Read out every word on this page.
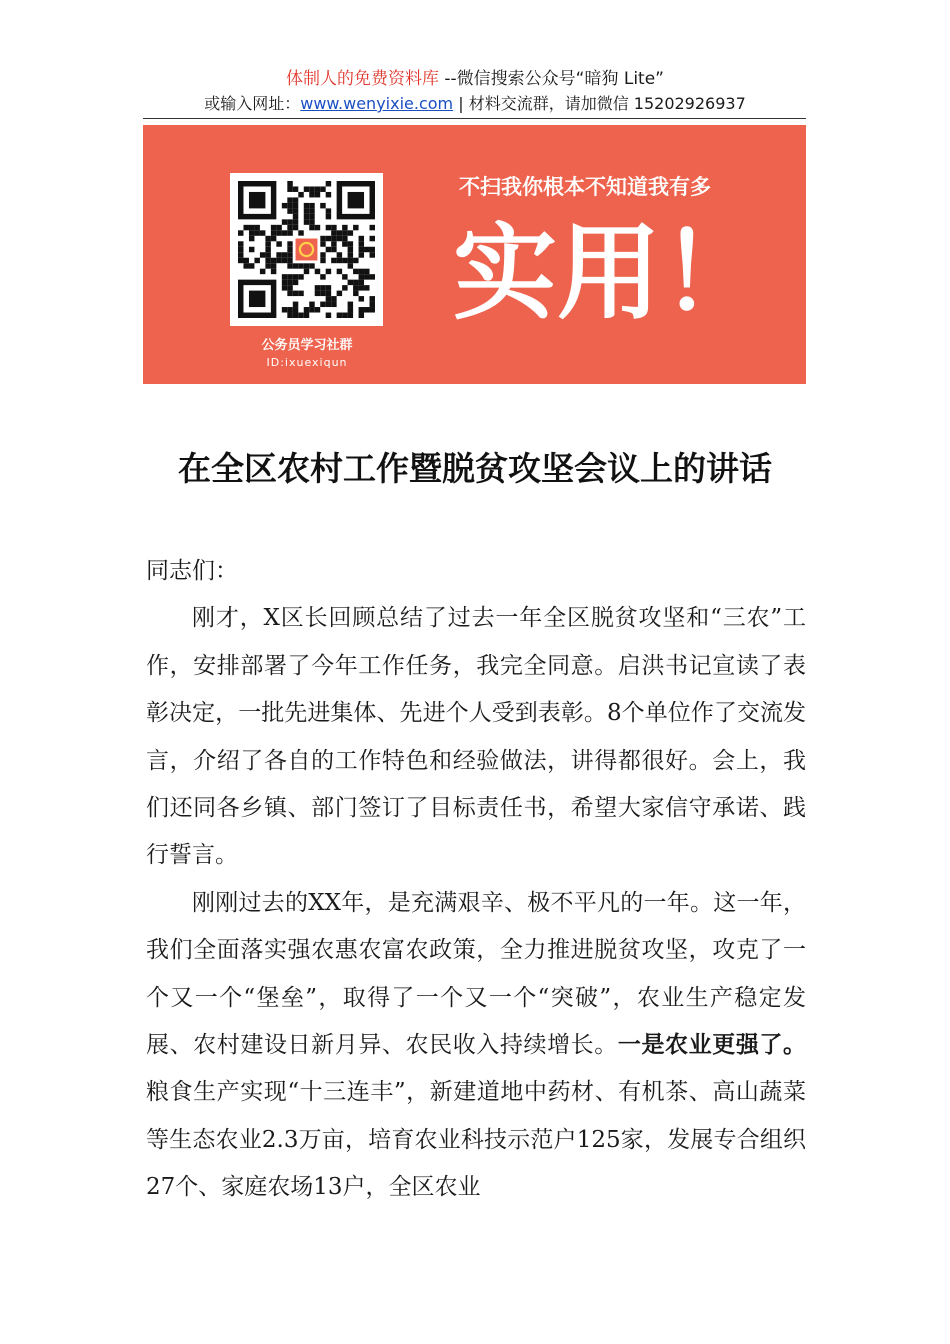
体制人的免费资料库 --微信搜索公众号“暗狗 Lite”
或输入网址：www.wenyixie.com | 材料交流群，请加微信 15202926937
公务员学习社群
ID:ixuexiqun
不扫我你根本不知道我有多
实用！
在全区农村工作暨脱贫攻坚会议上的讲话

同志们：

刚才，X区长回顾总结了过去一年全区脱贫攻坚和“三农”工作，安排部署了今年工作任务，我完全同意。启洪书记宣读了表彰决定，一批先进集体、先进个人受到表彰。8个单位作了交流发言，介绍了各自的工作特色和经验做法，讲得都很好。会上，我们还同各乡镇、部门签订了目标责任书，希望大家信守承诺、践行誓言。

刚刚过去的XX年，是充满艰辛、极不平凡的一年。这一年，我们全面落实强农惠农富农政策，全力推进脱贫攻坚，攻克了一个又一个“堡垒”，取得了一个又一个“突破”，农业生产稳定发展、农村建设日新月异、农民收入持续增长。一是农业更强了。粮食生产实现“十三连丰”，新建道地中药材、有机茶、高山蔬菜等生态农业2.3万亩，培育农业科技示范户125家，发展专合组织27个、家庭农场13户，全区农业
